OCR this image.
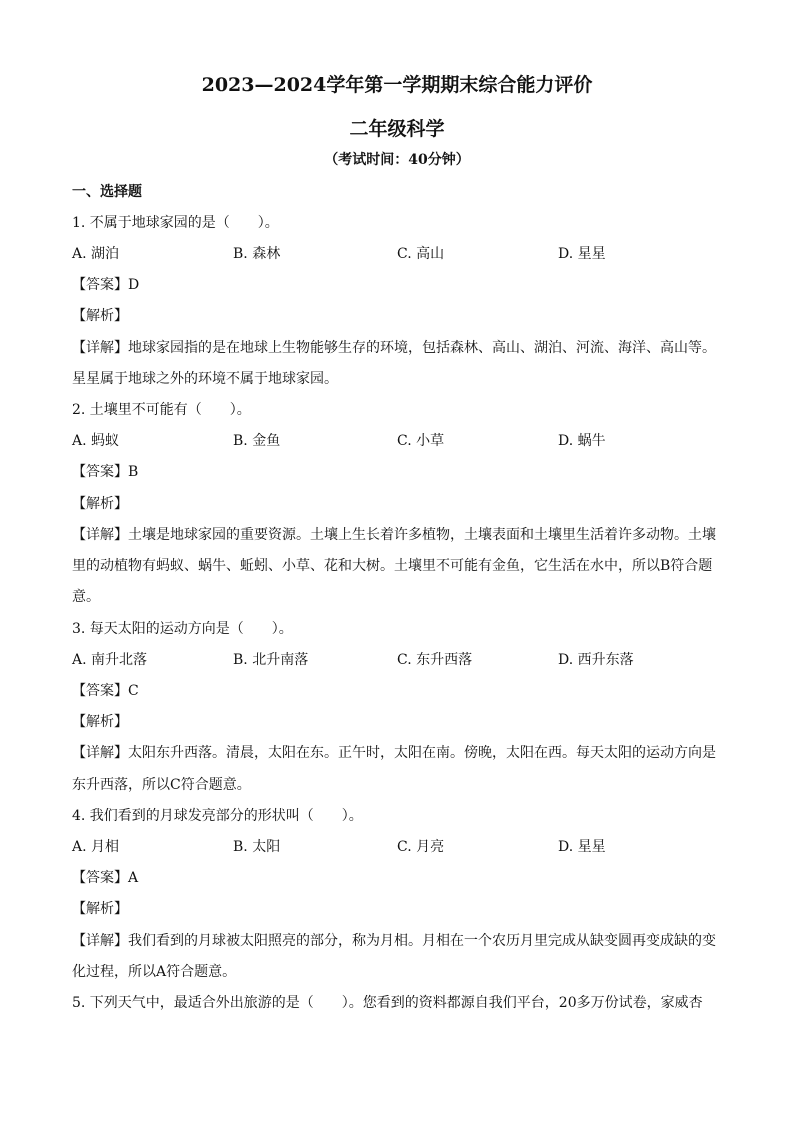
2023—2024学年第一学期期末综合能力评价
二年级科学
（考试时间：40分钟）
一、选择题
1. 不属于地球家园的是（　　）。
A. 湖泊	B. 森林	C. 高山	D. 星星
【答案】D
【解析】
【详解】地球家园指的是在地球上生物能够生存的环境，包括森林、高山、湖泊、河流、海洋、高山等。
星星属于地球之外的环境不属于地球家园。
2. 土壤里不可能有（　　）。
A. 蚂蚁	B. 金鱼	C. 小草	D. 蜗牛
【答案】B
【解析】
【详解】土壤是地球家园的重要资源。土壤上生长着许多植物，土壤表面和土壤里生活着许多动物。土壤
里的动植物有蚂蚁、蜗牛、蚯蚓、小草、花和大树。土壤里不可能有金鱼，它生活在水中，所以B符合题
意。
3. 每天太阳的运动方向是（　　）。
A. 南升北落	B. 北升南落	C. 东升西落	D. 西升东落
【答案】C
【解析】
【详解】太阳东升西落。清晨，太阳在东。正午时，太阳在南。傍晚，太阳在西。每天太阳的运动方向是
东升西落，所以C符合题意。
4. 我们看到的月球发亮部分的形状叫（　　）。
A. 月相	B. 太阳	C. 月亮	D. 星星
【答案】A
【解析】
【详解】我们看到的月球被太阳照亮的部分，称为月相。月相在一个农历月里完成从缺变圆再变成缺的变
化过程，所以A符合题意。
5. 下列天气中，最适合外出旅游的是（　　）。您看到的资料都源自我们平台，20多万份试卷，家威杏
